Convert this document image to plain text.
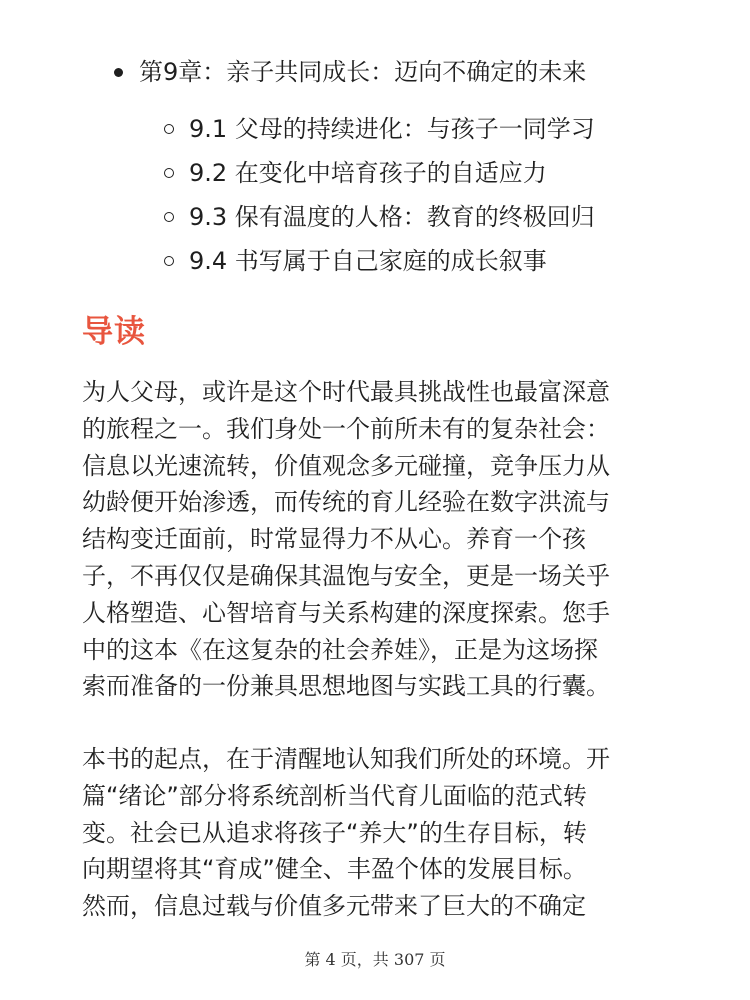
第9章：亲子共同成长：迈向不确定的未来
9.1 父母的持续进化：与孩子一同学习
9.2 在变化中培育孩子的自适应力
9.3 保有温度的人格：教育的终极回归
9.4 书写属于自己家庭的成长叙事
导读
为人父母，或许是这个时代最具挑战性也最富深意
的旅程之一。我们身处一个前所未有的复杂社会：
信息以光速流转，价值观念多元碰撞，竞争压力从
幼龄便开始渗透，而传统的育儿经验在数字洪流与
结构变迁面前，时常显得力不从心。养育一个孩
子，不再仅仅是确保其温饱与安全，更是一场关乎
人格塑造、心智培育与关系构建的深度探索。您手
中的这本《在这复杂的社会养娃》，正是为这场探
索而准备的一份兼具思想地图与实践工具的行囊。
本书的起点，在于清醒地认知我们所处的环境。开
篇“绪论”部分将系统剖析当代育儿面临的范式转
变。社会已从追求将孩子“养大”的生存目标，转
向期望将其“育成”健全、丰盈个体的发展目标。
然而，信息过载与价值多元带来了巨大的不确定
第 4 页，共 307 页
